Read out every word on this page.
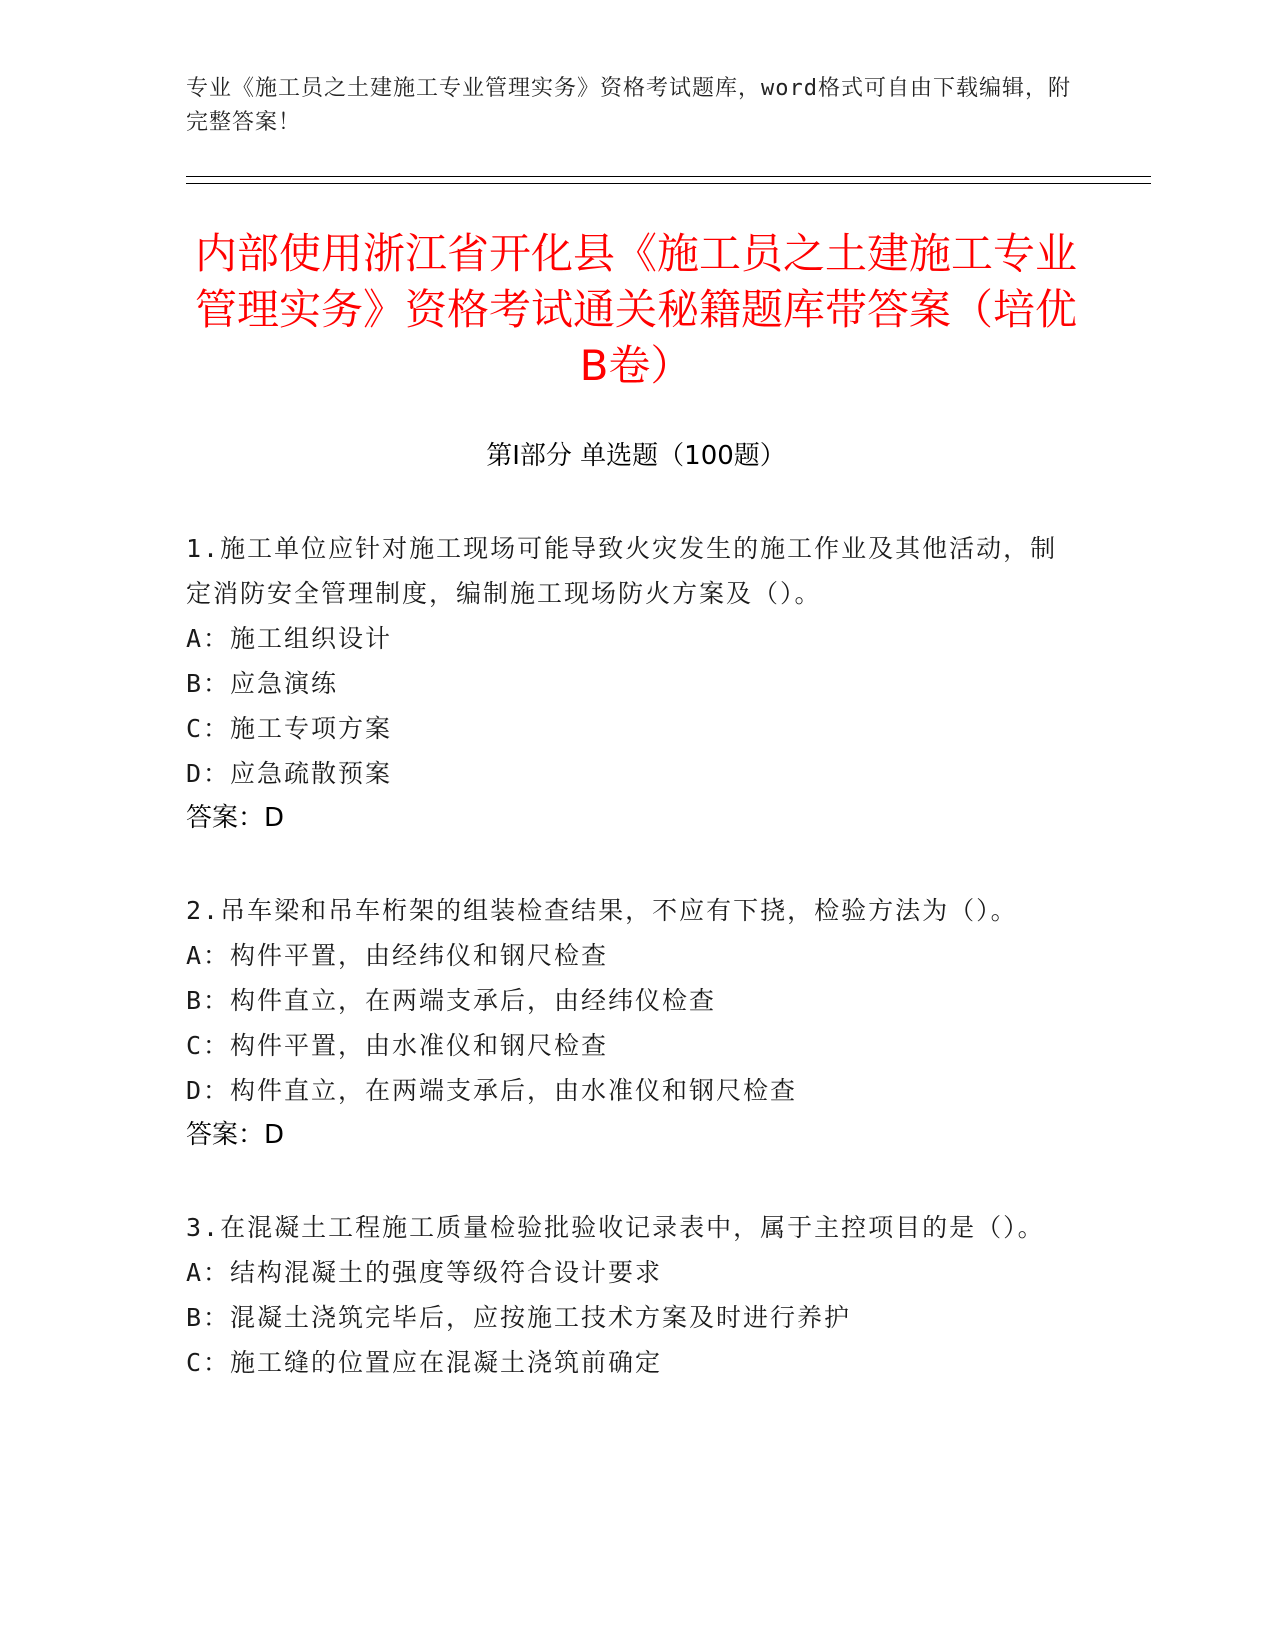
专业《施工员之土建施工专业管理实务》资格考试题库，word格式可自由下载编辑，附完整答案！
内部使用浙江省开化县《施工员之土建施工专业管理实务》资格考试通关秘籍题库带答案（培优B卷）
第Ⅰ部分 单选题（100题）
1.施工单位应针对施工现场可能导致火灾发生的施工作业及其他活动，制定消防安全管理制度，编制施工现场防火方案及（）。
A：施工组织设计
B：应急演练
C：施工专项方案
D：应急疏散预案
答案：D
2.吊车梁和吊车桁架的组装检查结果，不应有下挠，检验方法为（）。
A：构件平置，由经纬仪和钢尺检查
B：构件直立，在两端支承后，由经纬仪检查
C：构件平置，由水准仪和钢尺检查
D：构件直立，在两端支承后，由水准仪和钢尺检查
答案：D
3.在混凝土工程施工质量检验批验收记录表中，属于主控项目的是（）。
A：结构混凝土的强度等级符合设计要求
B：混凝土浇筑完毕后，应按施工技术方案及时进行养护
C：施工缝的位置应在混凝土浇筑前确定
